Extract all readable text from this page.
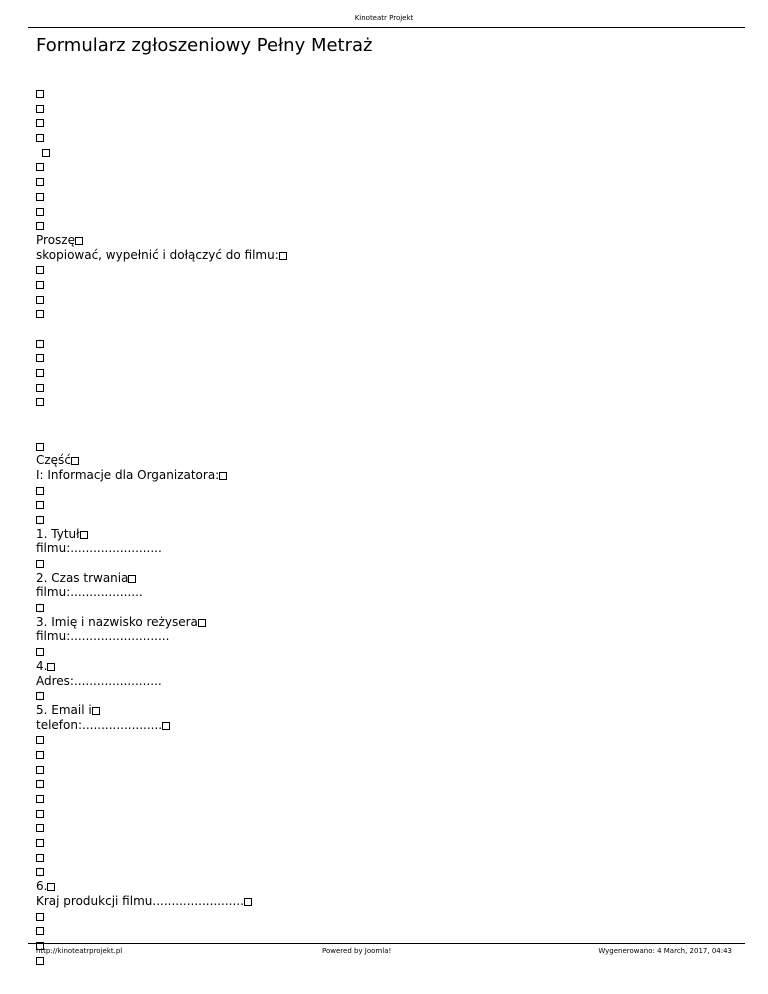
Kinoteatr Projekt
Formularz zgłoszeniowy Pełny Metraż
Proszę
skopiować, wypełnić i dołączyć do filmu:
Część
I: Informacje dla Organizatora:
1. Tytuł
filmu:........................
2. Czas trwania
filmu:...................
3. Imię i nazwisko reżysera
filmu:..........................
4.
Adres:.......................
5. Email i
telefon:.....................
6.
Kraj produkcji filmu........................
http://kinoteatrprojekt.pl	Powered by Joomla!	Wygenerowano: 4 March, 2017, 04:43
